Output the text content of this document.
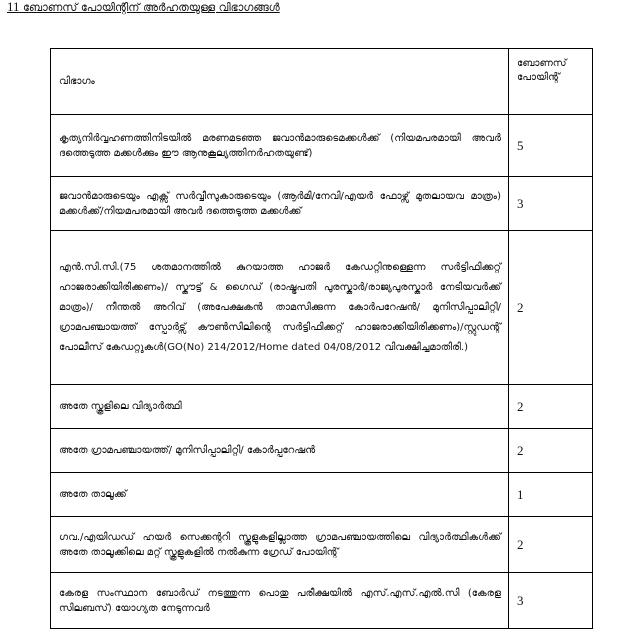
11 ബോണസ് പോയിന്റിന് അർഹതയുള്ള വിഭാഗങ്ങൾ
വിഭാഗം	ബോണസ് പോയിന്റ്
കൃത്യനിർവ്വഹണത്തിനിടയിൽ മരണമടഞ്ഞ ജവാൻമാരുടെമക്കൾക്ക് (നിയമപരമായി അവർ ദത്തെടുത്ത മക്കൾക്കും ഈ ആനുകൂല്യത്തിനർഹതയുണ്ട്)	5
ജവാൻമാരുടെയും എക്സ് സർവ്വീസുകാരുടെയും (ആർമി/നേവി/എയർ ഫോഴ്സ് മുതലായവ മാത്രം) മക്കൾക്ക്/നിയമപരമായി അവർ ദത്തെടുത്ത മക്കൾക്ക്	3
എൻ.സി.സി.(75 ശതമാനത്തിൽ കുറയാത്ത ഹാജർ കേഡറ്റിനുള്ളെന്ന സർട്ടിഫിക്കറ്റ് ഹാജരാക്കിയിരിക്കണം)/ സ്കൗട്ട് & ഗൈഡ് (രാഷ്ട്രപതി പുരസ്കാർ/രാജ്യപുരസ്കാർ നേടിയവർക്ക് മാത്രം)/ നീന്തൽ അറിവ് (അപേക്ഷകൻ താമസിക്കുന്ന കോർപറേഷൻ/ മുനിസിപ്പാലിറ്റി/ ഗ്രാമപഞ്ചായത്ത് സ്പോർട്സ് കൗൺസിലിന്റെ സർട്ടിഫിക്കറ്റ് ഹാജരാക്കിയിരിക്കണം)/സ്റ്റുഡന്റ് പോലീസ് കേഡറ്റുകൾ(GO(No) 214/2012/Home dated 04/08/2012 വിവക്ഷിച്ചമാതിരി.)	2
അതേ സ്കൂളിലെ വിദ്യാർത്ഥി	2
അതേ ഗ്രാമപഞ്ചായത്ത്/ മുനിസിപ്പാലിറ്റി/ കോർപ്പറേഷൻ	2
അതേ താലൂക്ക്	1
ഗവ./എയിഡഡ് ഹയർ സെക്കന്ററി സ്കൂളുകളില്ലാത്ത ഗ്രാമപഞ്ചായത്തിലെ വിദ്യാർത്ഥികൾക്ക് അതേ താലൂക്കിലെ മറ്റ് സ്കൂളുകളിൽ നൽകുന്ന ഗ്രേഡ് പോയിന്റ്	2
കേരള സംസ്ഥാന ബോർഡ് നടത്തുന്ന പൊതു പരീക്ഷയിൽ എസ്.എസ്.എൽ.സി (കേരള സിലബസ്) യോഗ്യത നേടുന്നവർ	3
